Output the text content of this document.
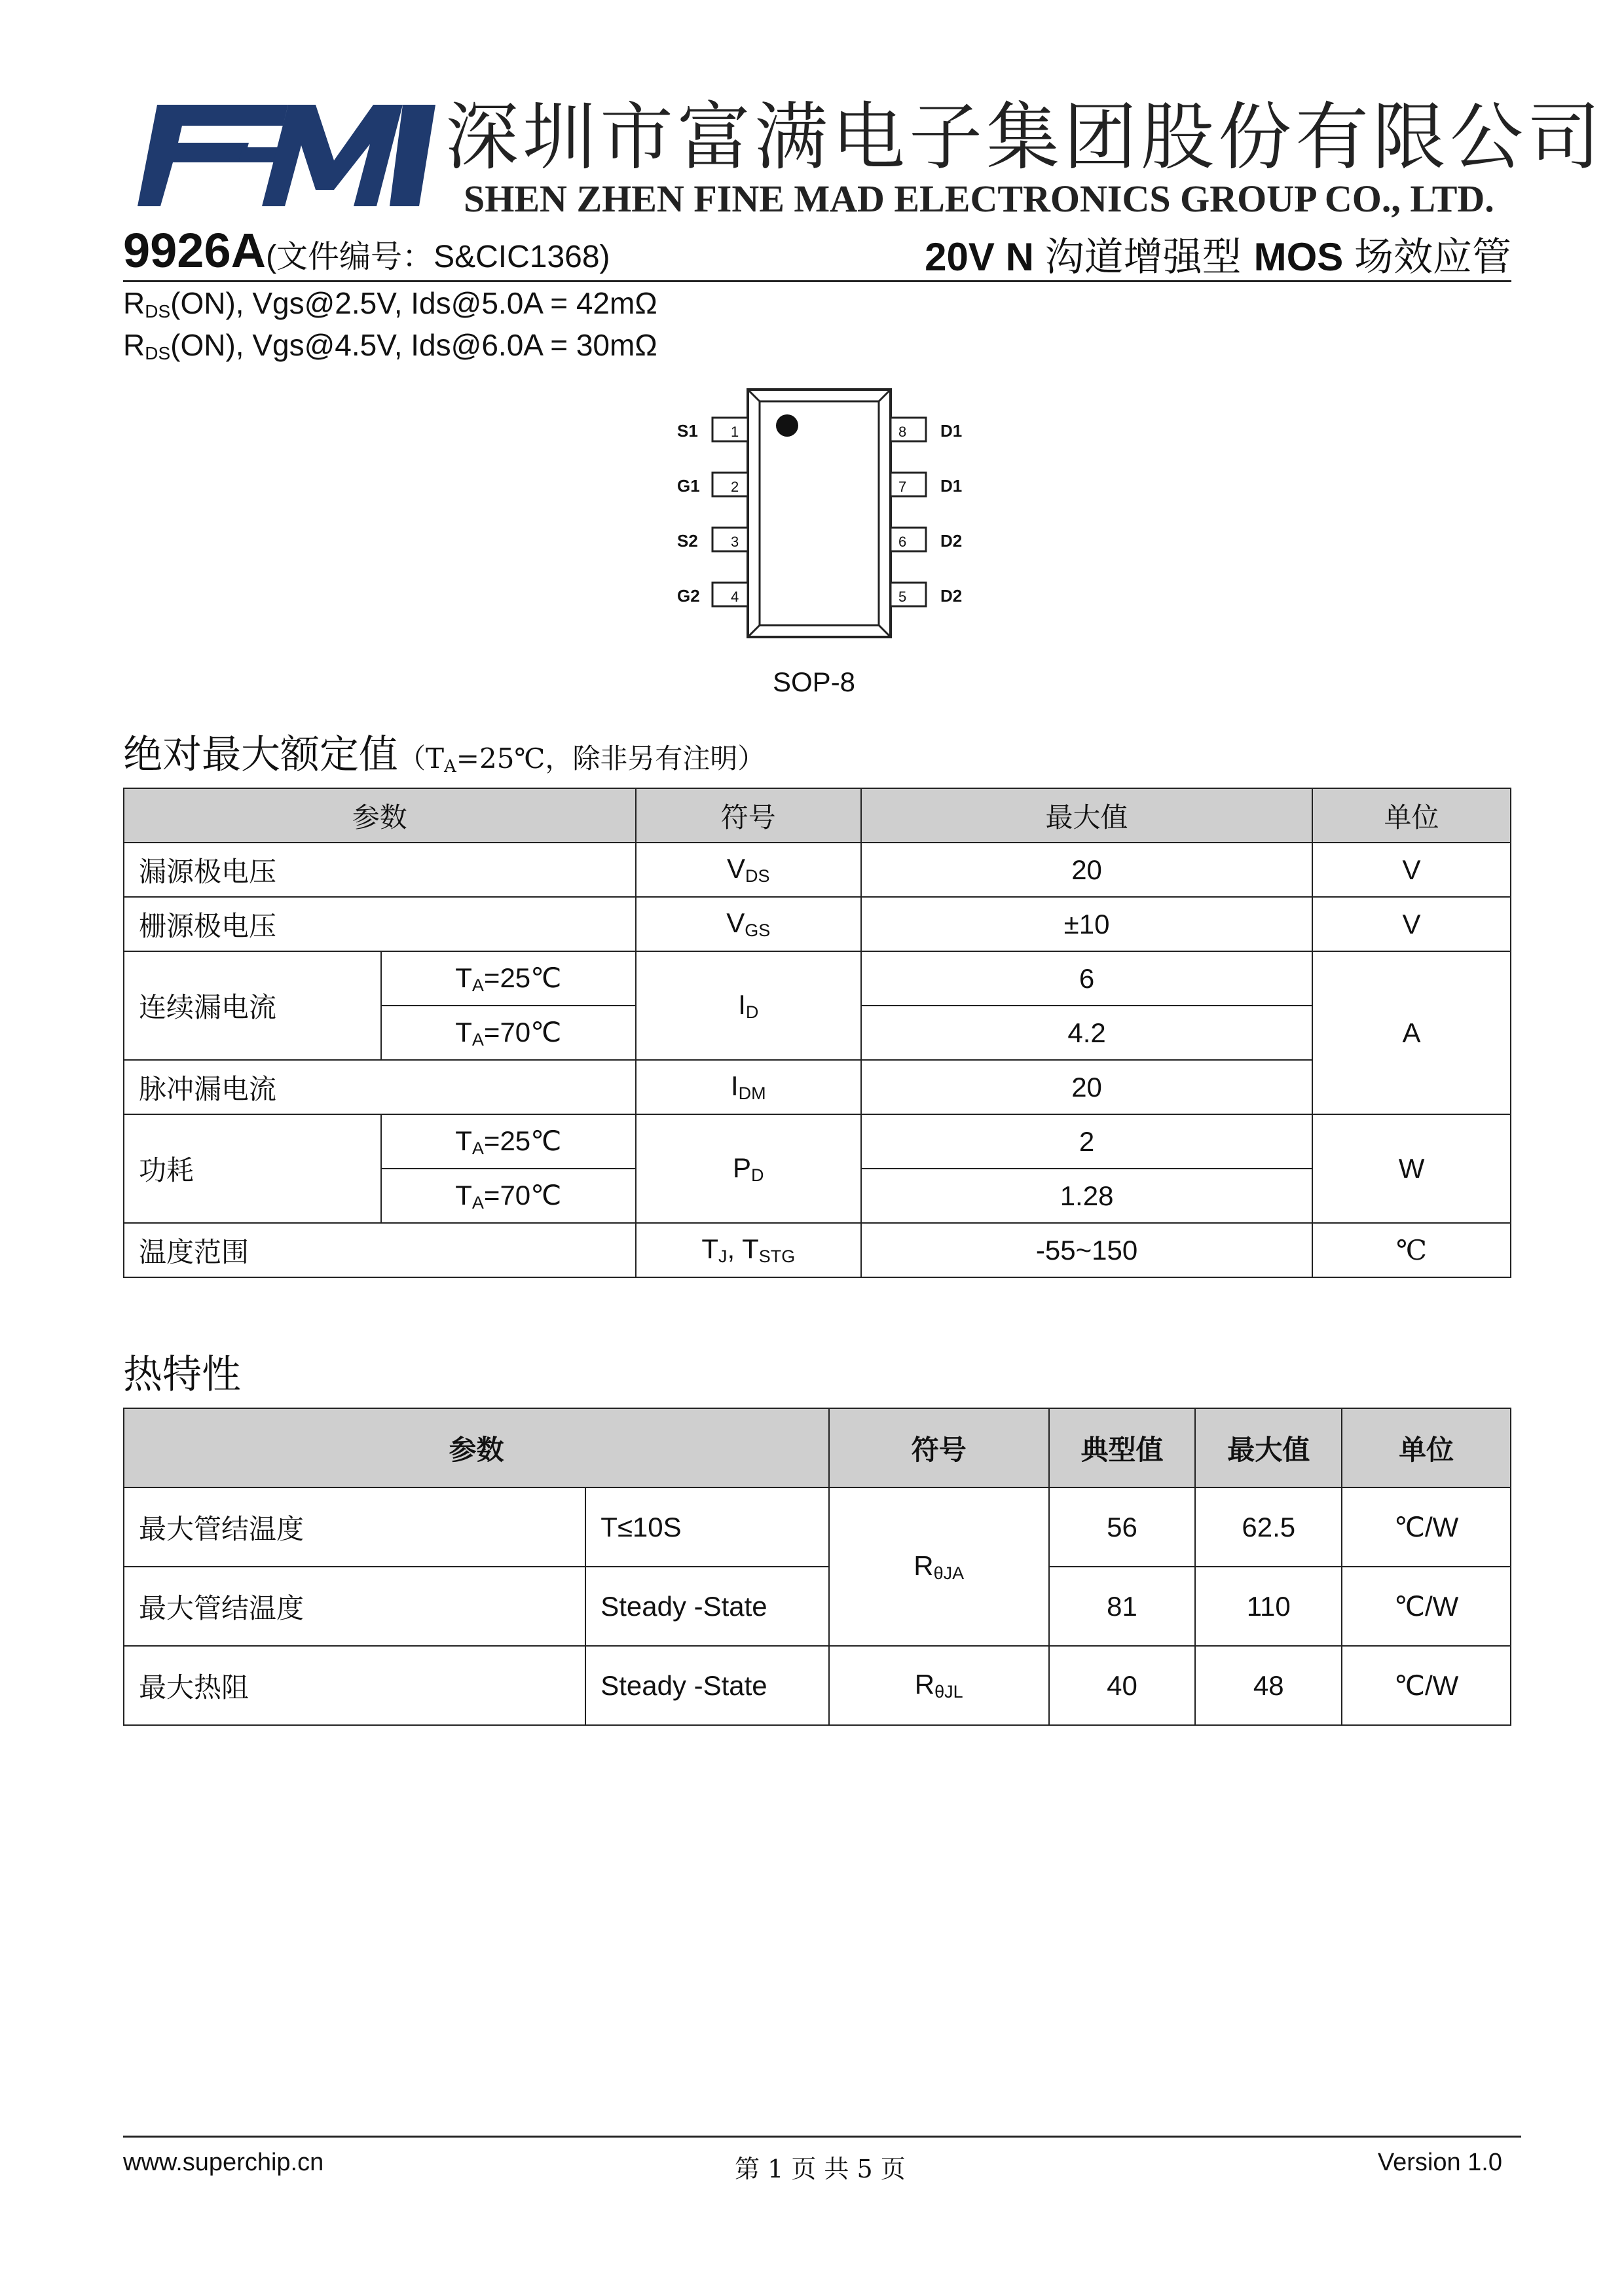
深圳市富满电子集团股份有限公司
SHEN ZHEN FINE MAD ELECTRONICS GROUP CO., LTD.
9926A(文件编号：S&CIC1368)	20V N 沟道增强型 MOS 场效应管
$R_{DS}(ON)$, Vgs@2.5V, Ids@5.0A = 42mΩ
$R_{DS}(ON)$, Vgs@4.5V, Ids@6.0A = 30mΩ
S1 1
G1 2
S2 3
G2 4
8 D1
7 D1
6 D2
5 D2
SOP-8
绝对最大额定值（$T_A=25℃$，除非另有注明）
参数		符号	最大值	单位
漏源极电压		$V_{DS}$	20	V
栅源极电压		$V_{GS}$	±10	V
连续漏电流	$T_A=25℃$	$I_D$	6	A
	$T_A=70℃$		4.2	
脉冲漏电流		$I_{DM}$	20	
功耗	$T_A=25℃$	$P_D$	2	W
	$T_A=70℃$		1.28	
温度范围		$T_J$, $T_{STG}$	-55~150	℃
热特性
参数		符号	典型值	最大值	单位
最大管结温度	T≤10S	$R_{\theta JA}$	56	62.5	℃/W
最大管结温度	Steady -State		81	110	℃/W
最大热阻	Steady -State	$R_{\theta JL}$	40	48	℃/W
www.superchip.cn	第 1 页 共 5 页	Version 1.0
